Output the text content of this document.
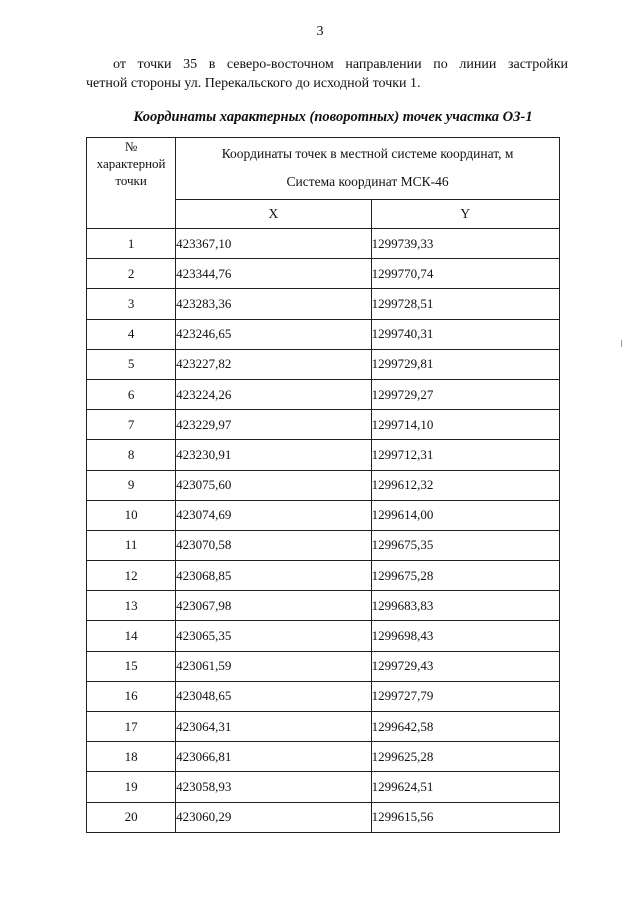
3
от точки 35 в северо-восточном направлении по линии застройки
четной стороны ул. Перекальского до исходной точки 1.
Координаты характерных (поворотных) точек участка ОЗ-1
№
характерной
точки	Координаты точек в местной системе координат, м
Система координат МСК-46	
	X	Y
1	423367,10	1299739,33
2	423344,76	1299770,74
3	423283,36	1299728,51
4	423246,65	1299740,31
5	423227,82	1299729,81
6	423224,26	1299729,27
7	423229,97	1299714,10
8	423230,91	1299712,31
9	423075,60	1299612,32
10	423074,69	1299614,00
11	423070,58	1299675,35
12	423068,85	1299675,28
13	423067,98	1299683,83
14	423065,35	1299698,43
15	423061,59	1299729,43
16	423048,65	1299727,79
17	423064,31	1299642,58
18	423066,81	1299625,28
19	423058,93	1299624,51
20	423060,29	1299615,56
